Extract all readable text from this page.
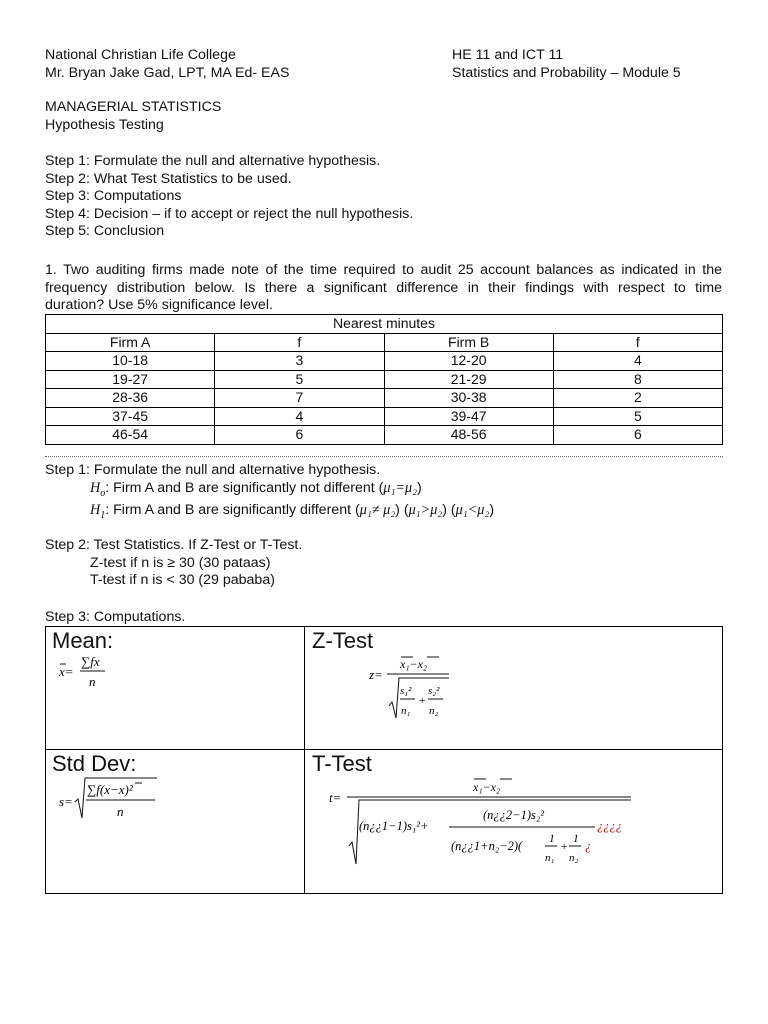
National Christian Life College
Mr. Bryan Jake Gad, LPT, MA Ed- EAS
HE 11 and ICT 11
Statistics and Probability – Module 5
MANAGERIAL STATISTICS
Hypothesis Testing
Step 1: Formulate the null and alternative hypothesis.
Step 2: What Test Statistics to be used.
Step 3: Computations
Step 4: Decision – if to accept or reject the null hypothesis.
Step 5: Conclusion
1. Two auditing firms made note of the time required to audit 25 account balances as indicated in the frequency distribution below. Is there a significant difference in their findings with respect to time
duration? Use 5% significance level.
Nearest minutes			
Firm A	f	Firm B	f
10-18	3	12-20	4
19-27	5	21-29	8
28-36	7	30-38	2
37-45	4	39-47	5
46-54	6	48-56	6
Step 1: Formulate the null and alternative hypothesis.
$H_o$: Firm A and B are significantly not different (μ₁=μ₂)
$H_1$: Firm A and B are significantly different (μ₁≠ μ₂) (μ₁>μ₂) (μ₁<μ₂)
Step 2: Test Statistics. If Z-Test or T-Test.
Z-test if n is ≥ 30 (30 pataas)
T-test if n is < 30 (29 pababa)
Step 3: Computations.
Mean:	Z-Test
Std Dev:	T-Test
x=
∑fx
n	z=
x₁−x₂
s₁²
n₁
+
s₂²
n₂
s=
∑f(x−x)²
n
t=
x₁−x₂
(n¿¿1−1)s₁²+
(n¿¿2−1)s₂²
(n¿¿1+n₂−2)( 1
n₁
+ 1
n₂
¿
¿¿¿¿
